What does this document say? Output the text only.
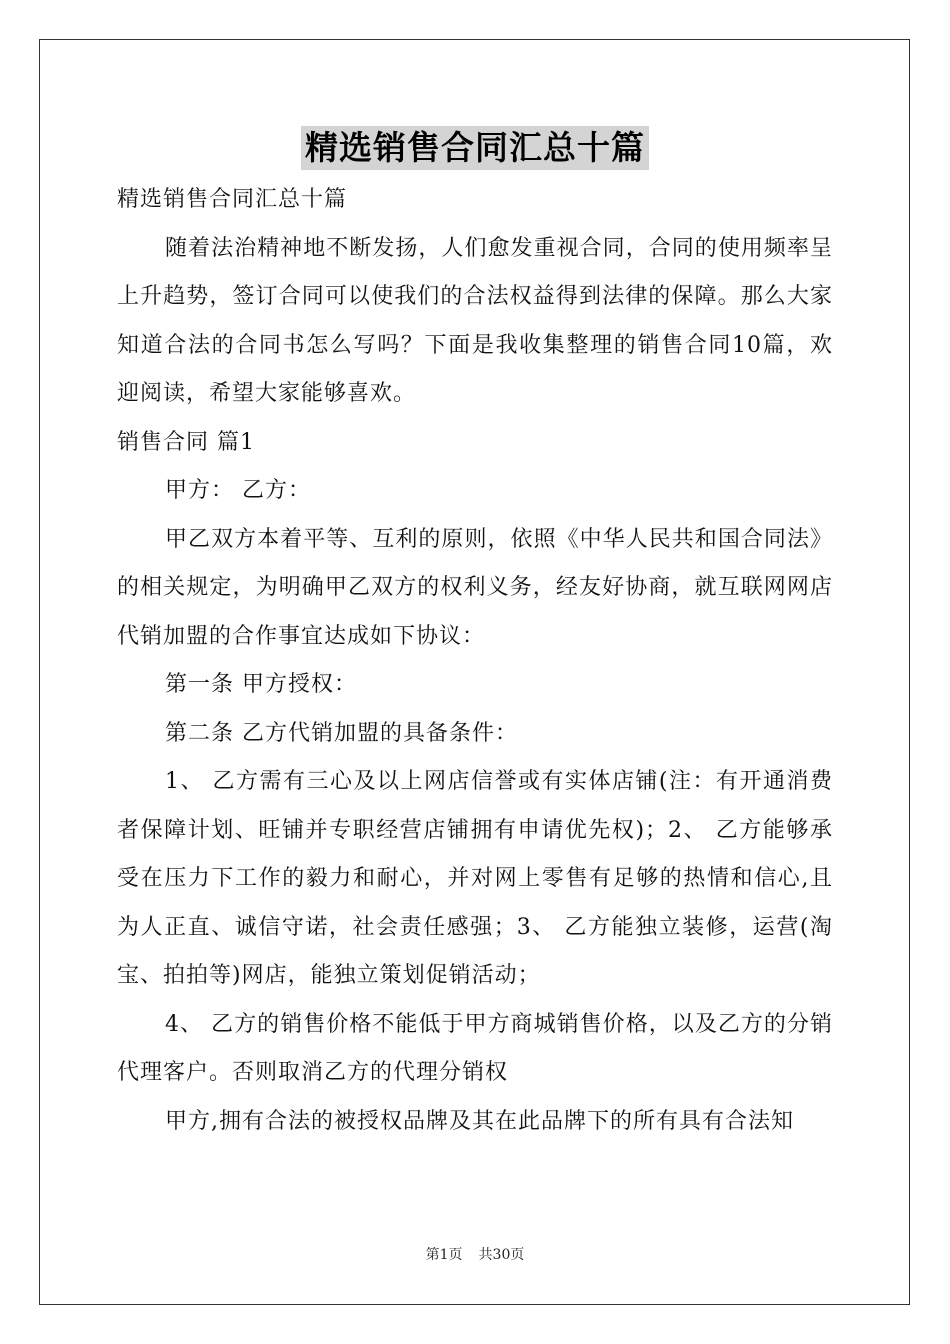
精选销售合同汇总十篇

精选销售合同汇总十篇

随着法治精神地不断发扬，人们愈发重视合同，合同的使用频率呈上升趋势，签订合同可以使我们的合法权益得到法律的保障。那么大家知道合法的合同书怎么写吗？下面是我收集整理的销售合同10篇，欢迎阅读，希望大家能够喜欢。

销售合同 篇1

甲方： 乙方：

甲乙双方本着平等、互利的原则，依照《中华人民共和国合同法》的相关规定，为明确甲乙双方的权利义务，经友好协商，就互联网网店代销加盟的合作事宜达成如下协议：

第一条 甲方授权：

第二条 乙方代销加盟的具备条件：

1、 乙方需有三心及以上网店信誉或有实体店铺(注：有开通消费者保障计划、旺铺并专职经营店铺拥有申请优先权)；2、 乙方能够承受在压力下工作的毅力和耐心，并对网上零售有足够的热情和信心,且为人正直、诚信守诺，社会责任感强；3、 乙方能独立装修，运营(淘宝、拍拍等)网店，能独立策划促销活动；

4、 乙方的销售价格不能低于甲方商城销售价格，以及乙方的分销代理客户。否则取消乙方的代理分销权

甲方,拥有合法的被授权品牌及其在此品牌下的所有具有合法知

第1页 共30页
